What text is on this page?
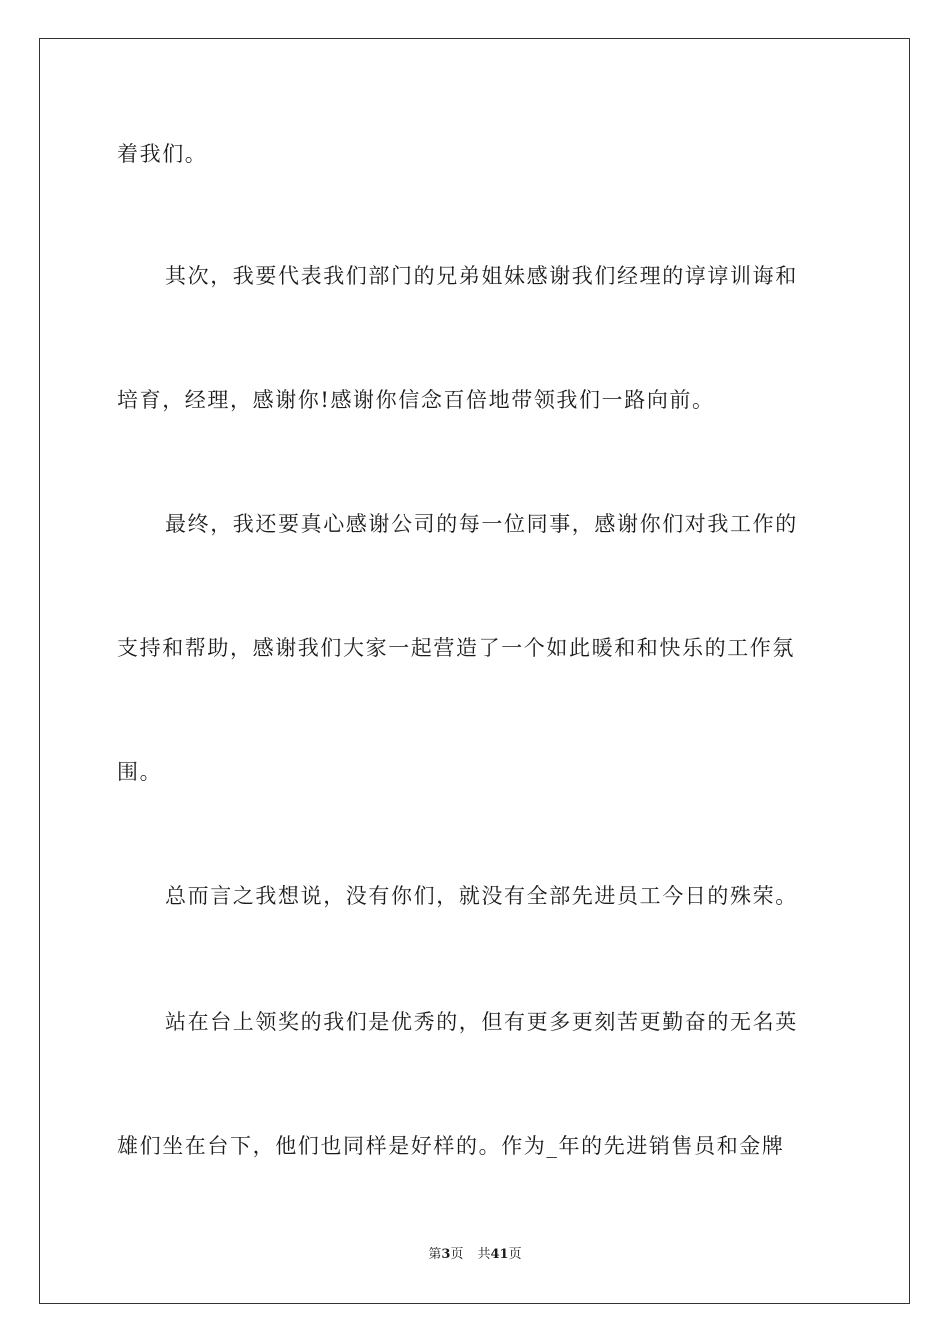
着我们。
其次，我要代表我们部门的兄弟姐妹感谢我们经理的谆谆训诲和
培育，经理，感谢你!感谢你信念百倍地带领我们一路向前。
最终，我还要真心感谢公司的每一位同事，感谢你们对我工作的
支持和帮助，感谢我们大家一起营造了一个如此暖和和快乐的工作氛
围。
总而言之我想说，没有你们，就没有全部先进员工今日的殊荣。
站在台上领奖的我们是优秀的，但有更多更刻苦更勤奋的无名英
雄们坐在台下，他们也同样是好样的。作为_年的先进销售员和金牌
第3页 共41页
